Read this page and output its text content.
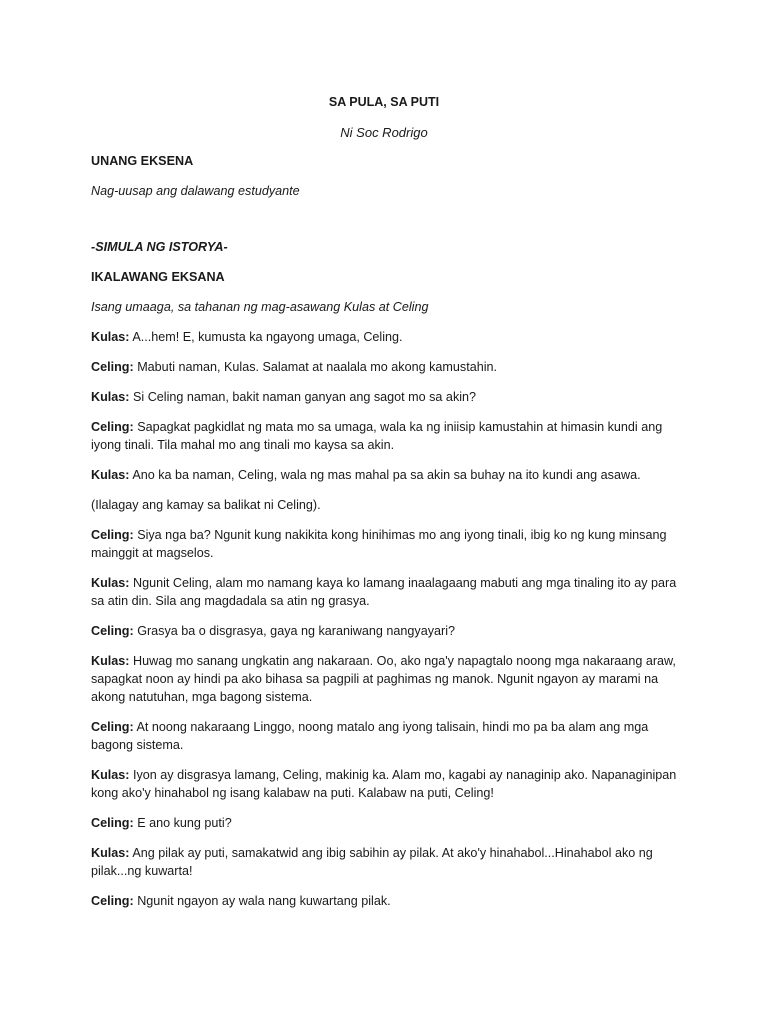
SA PULA, SA PUTI
Ni Soc Rodrigo

UNANG EKSENA

Nag-uusap ang dalawang estudyante

-SIMULA NG ISTORYA-

IKALAWANG EKSANA

Isang umaaga, sa tahanan ng mag-asawang Kulas at Celing

Kulas: A...hem! E, kumusta ka ngayong umaga, Celing.

Celing: Mabuti naman, Kulas. Salamat at naalala mo akong kamustahin.

Kulas: Si Celing naman, bakit naman ganyan ang sagot mo sa akin?

Celing: Sapagkat pagkidlat ng mata mo sa umaga, wala ka ng iniisip kamustahin at himasin kundi ang iyong tinali. Tila mahal mo ang tinali mo kaysa sa akin.

Kulas: Ano ka ba naman, Celing, wala ng mas mahal pa sa akin sa buhay na ito kundi ang asawa.

(Ilalagay ang kamay sa balikat ni Celing).

Celing: Siya nga ba? Ngunit kung nakikita kong hinihimas mo ang iyong tinali, ibig ko ng kung minsang mainggit at magselos.

Kulas: Ngunit Celing, alam mo namang kaya ko lamang inaalagaang mabuti ang mga tinaling ito ay para sa atin din. Sila ang magdadala sa atin ng grasya.

Celing: Grasya ba o disgrasya, gaya ng karaniwang nangyayari?

Kulas: Huwag mo sanang ungkatin ang nakaraan. Oo, ako nga'y napagtalo noong mga nakaraang araw, sapagkat noon ay hindi pa ako bihasa sa pagpili at paghimas ng manok. Ngunit ngayon ay marami na akong natutuhan, mga bagong sistema.

Celing: At noong nakaraang Linggo, noong matalo ang iyong talisain, hindi mo pa ba alam ang mga bagong sistema.

Kulas: Iyon ay disgrasya lamang, Celing, makinig ka. Alam mo, kagabi ay nanaginip ako. Napanaginipan kong ako'y hinahabol ng isang kalabaw na puti. Kalabaw na puti, Celing!

Celing: E ano kung puti?

Kulas: Ang pilak ay puti, samakatwid ang ibig sabihin ay pilak. At ako'y hinahabol...Hinahabol ako ng pilak...ng kuwarta!

Celing: Ngunit ngayon ay wala nang kuwartang pilak.
